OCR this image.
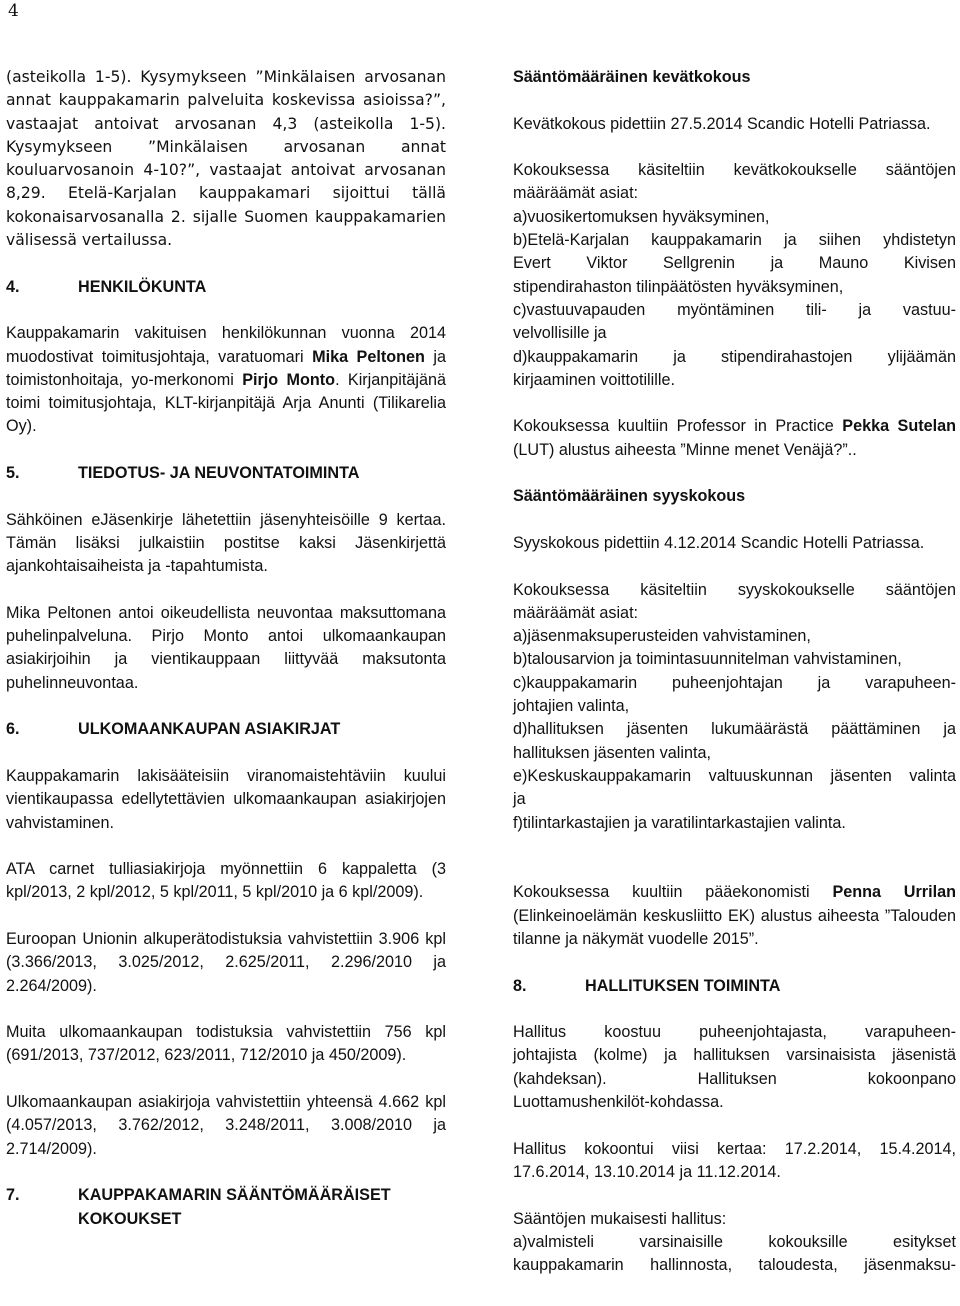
4

(asteikolla 1-5). Kysymykseen ”Minkälaisen arvosanan
annat kauppakamarin palveluita koskevissa asioissa?”,
vastaajat antoivat arvosanan 4,3 (asteikolla 1-5).
Kysymykseen ”Minkälaisen arvosanan annat
kouluarvosanoin 4-10?”, vastaajat antoivat arvosanan
8,29. Etelä-Karjalan kauppakamari sijoittui tällä
kokonaisarvosanalla 2. sijalle Suomen kauppakamarien
välisessä vertailussa.

4.	HENKILÖKUNTA

Kauppakamarin vakituisen henkilökunnan vuonna 2014 muodostivat toimitusjohtaja, varatuomari Mika Peltonen ja toimistonhoitaja, yo-merkonomi Pirjo Monto. Kirjanpitäjänä toimi toimitusjohtaja, KLT-kirjanpitäjä Arja Anunti (Tilikarelia Oy).

5.	TIEDOTUS- JA NEUVONTATOIMINTA

Sähköinen eJäsenkirje lähetettiin jäsenyhteisöille 9 kertaa. Tämän lisäksi julkaistiin postitse kaksi Jäsenkirjettä ajankohtaisaiheista ja -tapahtumista.

Mika Peltonen antoi oikeudellista neuvontaa maksuttomana puhelinpalveluna. Pirjo Monto antoi ulkomaankaupan asiakirjoihin ja vientikauppaan liittyvää maksutonta puhelinneuvontaa.

6.	ULKOMAANKAUPAN ASIAKIRJAT

Kauppakamarin lakisääteisiin viranomaistehtäviin kuului vientikaupassa edellytettävien ulkomaankaupan asiakirjojen vahvistaminen.

ATA carnet tulliasiakirjoja myönnettiin 6 kappaletta (3 kpl/2013, 2 kpl/2012, 5 kpl/2011, 5 kpl/2010 ja 6 kpl/2009).

Euroopan Unionin alkuperätodistuksia vahvistettiin 3.906 kpl (3.366/2013, 3.025/2012, 2.625/2011, 2.296/2010 ja 2.264/2009).

Muita ulkomaankaupan todistuksia vahvistettiin 756 kpl (691/2013, 737/2012, 623/2011, 712/2010 ja 450/2009).

Ulkomaankaupan asiakirjoja vahvistettiin yhteensä 4.662 kpl (4.057/2013, 3.762/2012, 3.248/2011, 3.008/2010 ja 2.714/2009).

7.	KAUPPAKAMARIN SÄÄNTÖMÄÄRÄISET
KOKOUKSET
Sääntömääräinen kevätkokous

Kevätkokous pidettiin 27.5.2014 Scandic Hotelli Patriassa.

Kokouksessa käsiteltiin kevätkokoukselle sääntöjen
määräämät asiat:
a)vuosikertomuksen hyväksyminen,
b)Etelä-Karjalan kauppakamarin ja siihen yhdistetyn
Evert Viktor Sellgrenin ja Mauno Kivisen
stipendirahaston tilinpäätösten hyväksyminen,
c)vastuuvapauden myöntäminen tili- ja vastuu-
velvollisille ja
d)kauppakamarin ja stipendirahastojen ylijäämän
kirjaaminen voittotilille.

Kokouksessa kuultiin Professor in Practice Pekka Sutelan (LUT) alustus aiheesta ”Minne menet Venäjä?”..

Sääntömääräinen syyskokous

Syyskokous pidettiin 4.12.2014 Scandic Hotelli Patriassa.

Kokouksessa käsiteltiin syyskokoukselle sääntöjen
määräämät asiat:
a)jäsenmaksuperusteiden vahvistaminen,
b)talousarvion ja toimintasuunnitelman vahvistaminen,
c)kauppakamarin puheenjohtajan ja varapuheen-
johtajien valinta,
d)hallituksen jäsenten lukumäärästä päättäminen ja
hallituksen jäsenten valinta,
e)Keskuskauppakamarin valtuuskunnan jäsenten valinta
ja
f)tilintarkastajien ja varatilintarkastajien valinta.

Kokouksessa kuultiin pääekonomisti Penna Urrilan (Elinkeinoelämän keskusliitto EK) alustus aiheesta ”Talouden tilanne ja näkymät vuodelle 2015”.

8.	HALLITUKSEN TOIMINTA

Hallitus koostuu puheenjohtajasta, varapuheen-
johtajista (kolme) ja hallituksen varsinaisista jäsenistä
(kahdeksan). Hallituksen kokoonpano
Luottamushenkilöt-kohdassa.

Hallitus kokoontui viisi kertaa: 17.2.2014, 15.4.2014, 17.6.2014, 13.10.2014 ja 11.12.2014.

Sääntöjen mukaisesti hallitus:
a)valmisteli varsinaisille kokouksille esitykset
kauppakamarin hallinnosta, taloudesta, jäsenmaksu-
